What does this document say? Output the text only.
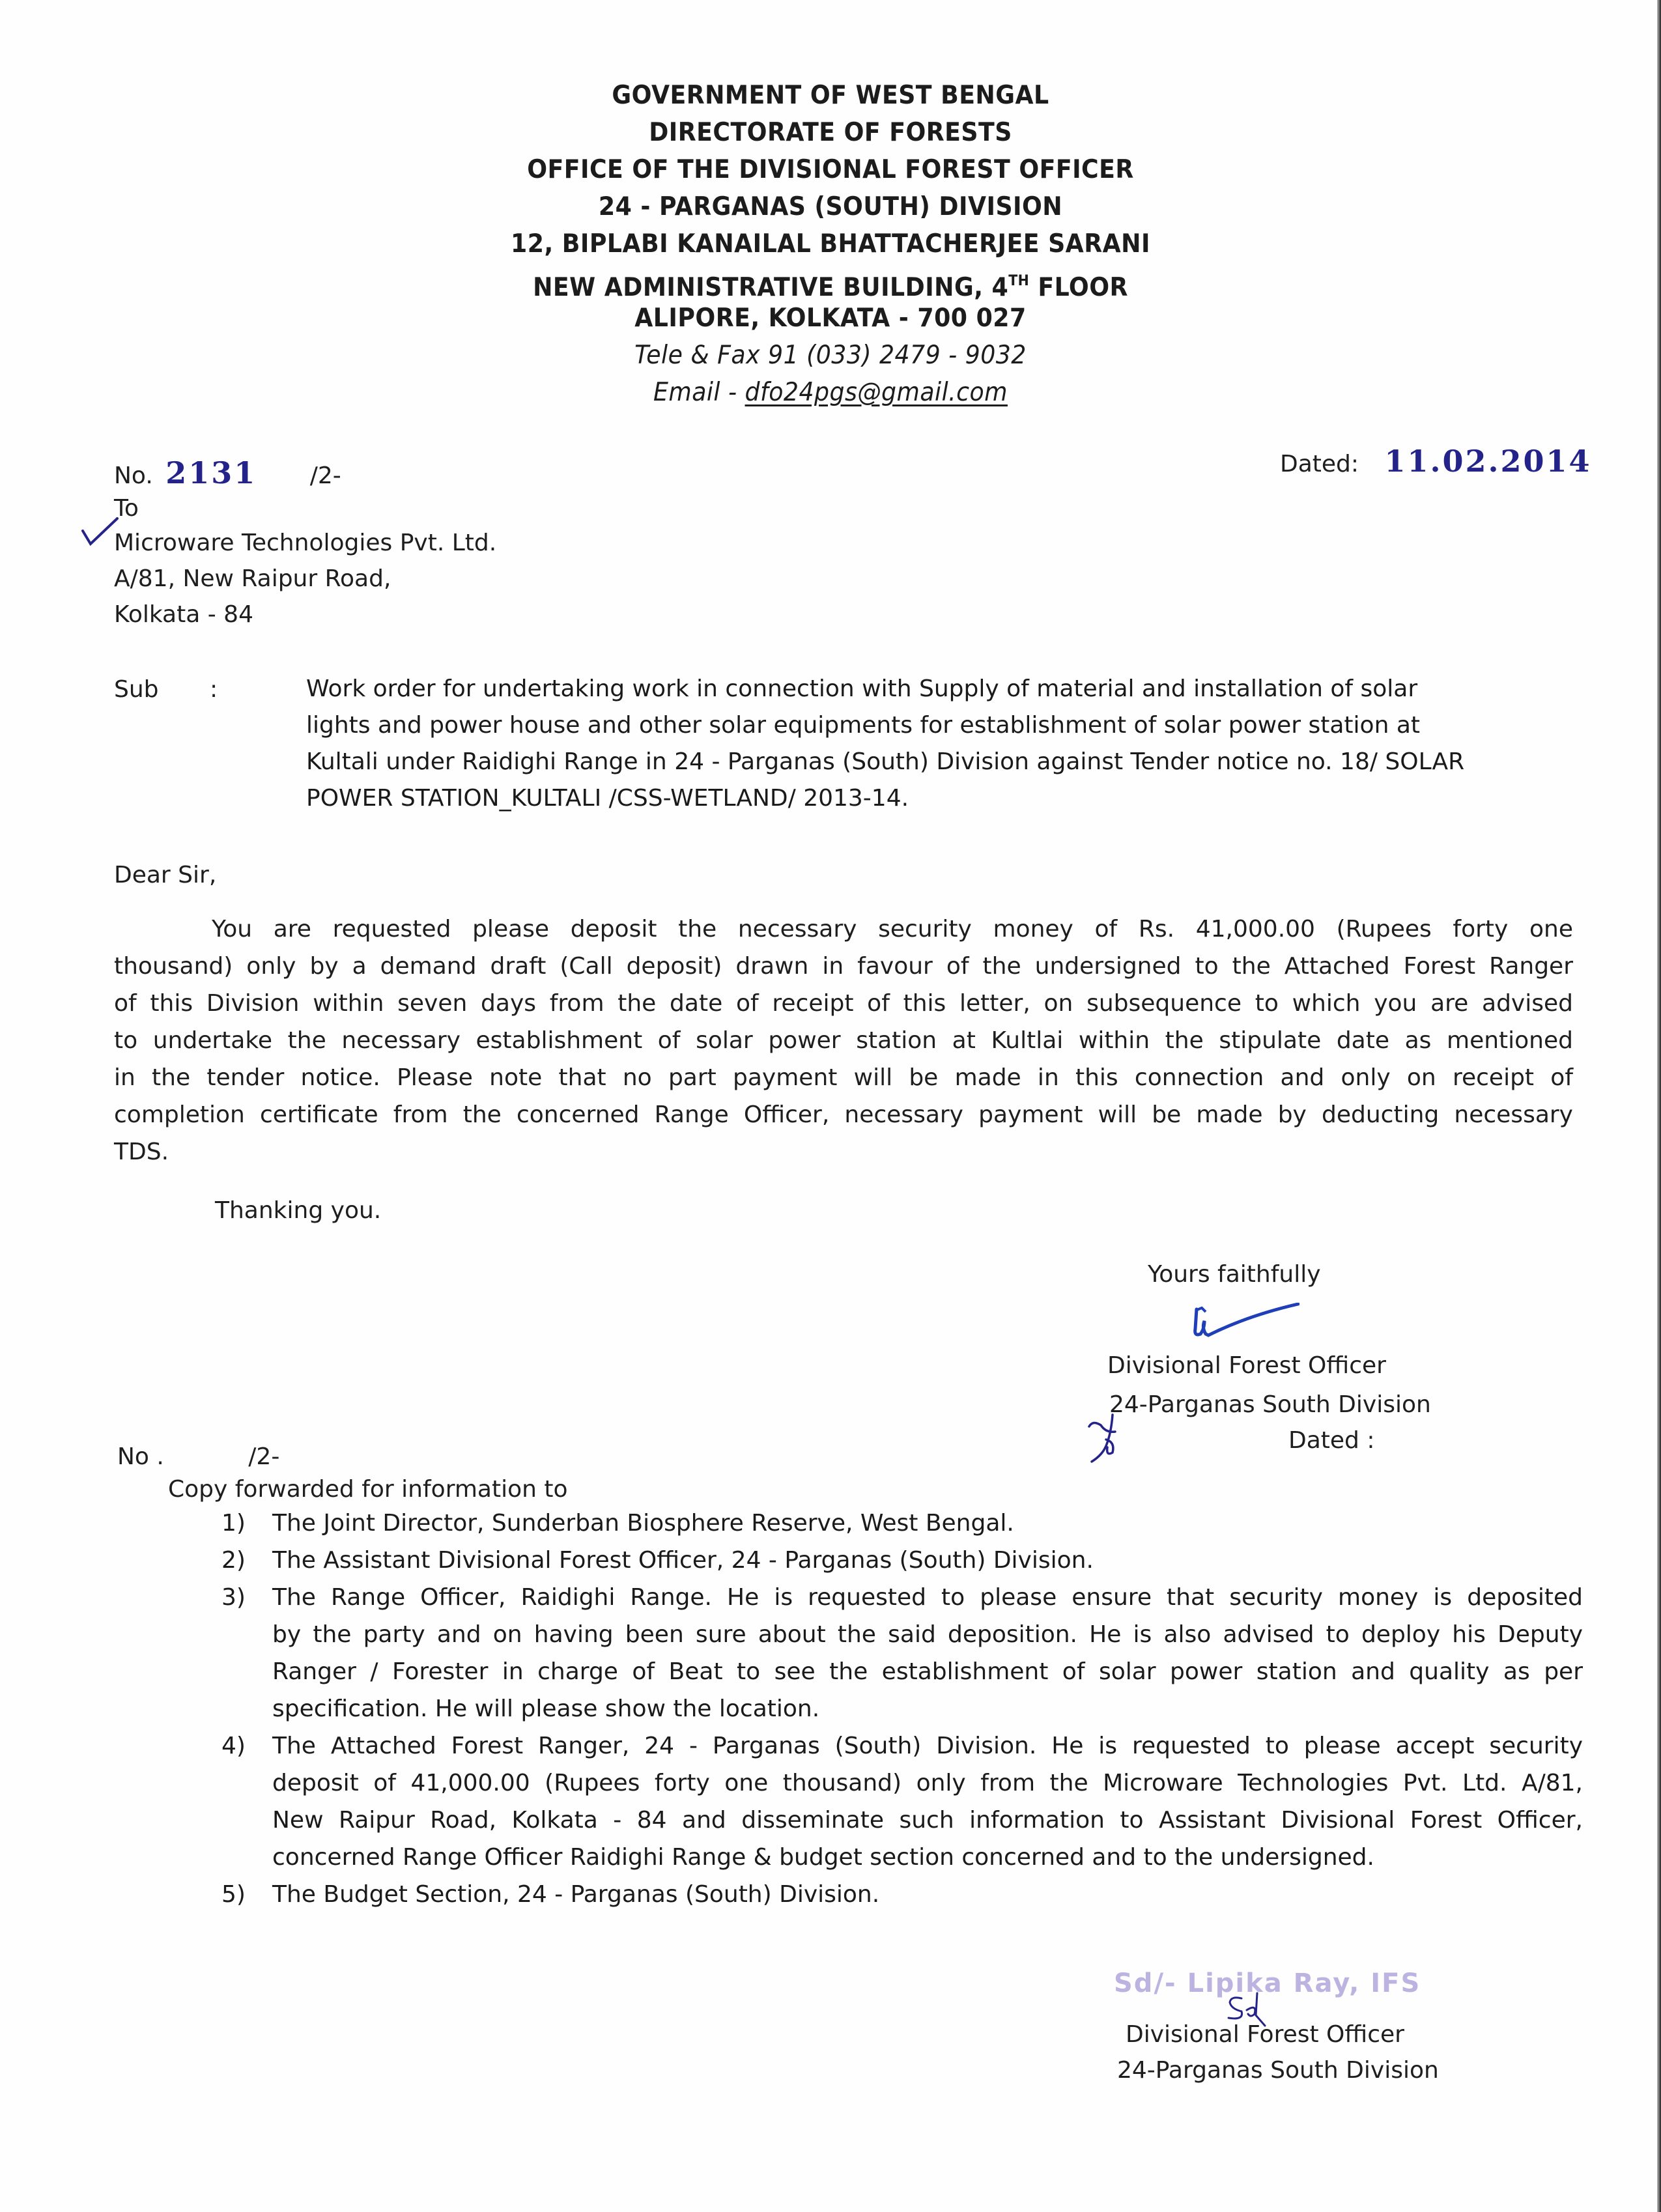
GOVERNMENT OF WEST BENGAL
DIRECTORATE OF FORESTS
OFFICE OF THE DIVISIONAL FOREST OFFICER
24 - PARGANAS (SOUTH) DIVISION
12, BIPLABI KANAILAL BHATTACHERJEE SARANI
NEW ADMINISTRATIVE BUILDING, 4TH FLOOR
ALIPORE, KOLKATA - 700 027
Tele & Fax 91 (033) 2479 - 9032
Email - dfo24pgs@gmail.com
No. 2131 /2-	Dated: 11.02.2014
To
Microware Technologies Pvt. Ltd.
A/81, New Raipur Road,
Kolkata - 84
Sub :	Work order for undertaking work in connection with Supply of material and installation of solar
lights and power house and other solar equipments for establishment of solar power station at
Kultali under Raidighi Range in 24 - Parganas (South) Division against Tender notice no. 18/ SOLAR
POWER STATION_KULTALI /CSS-WETLAND/ 2013-14.
Dear Sir,
You are requested please deposit the necessary security money of Rs. 41,000.00 (Rupees forty one
thousand) only by a demand draft (Call deposit) drawn in favour of the undersigned to the Attached Forest Ranger
of this Division within seven days from the date of receipt of this letter, on subsequence to which you are advised
to undertake the necessary establishment of solar power station at Kultlai within the stipulate date as mentioned
in the tender notice. Please note that no part payment will be made in this connection and only on receipt of
completion certificate from the concerned Range Officer, necessary payment will be made by deducting necessary
TDS.
Thanking you.
Yours faithfully
Divisional Forest Officer
24-Parganas South Division
Dated :
No .	/2-
Copy forwarded for information to
1) The Joint Director, Sunderban Biosphere Reserve, West Bengal.
2) The Assistant Divisional Forest Officer, 24 - Parganas (South) Division.
3) The Range Officer, Raidighi Range. He is requested to please ensure that security money is deposited
by the party and on having been sure about the said deposition. He is also advised to deploy his Deputy
Ranger / Forester in charge of Beat to see the establishment of solar power station and quality as per
specification. He will please show the location.
4) The Attached Forest Ranger, 24 - Parganas (South) Division. He is requested to please accept security
deposit of 41,000.00 (Rupees forty one thousand) only from the Microware Technologies Pvt. Ltd. A/81,
New Raipur Road, Kolkata - 84 and disseminate such information to Assistant Divisional Forest Officer,
concerned Range Officer Raidighi Range & budget section concerned and to the undersigned.
5) The Budget Section, 24 - Parganas (South) Division.
Sd/- Lipika Ray, IFS
Divisional Forest Officer
24-Parganas South Division
